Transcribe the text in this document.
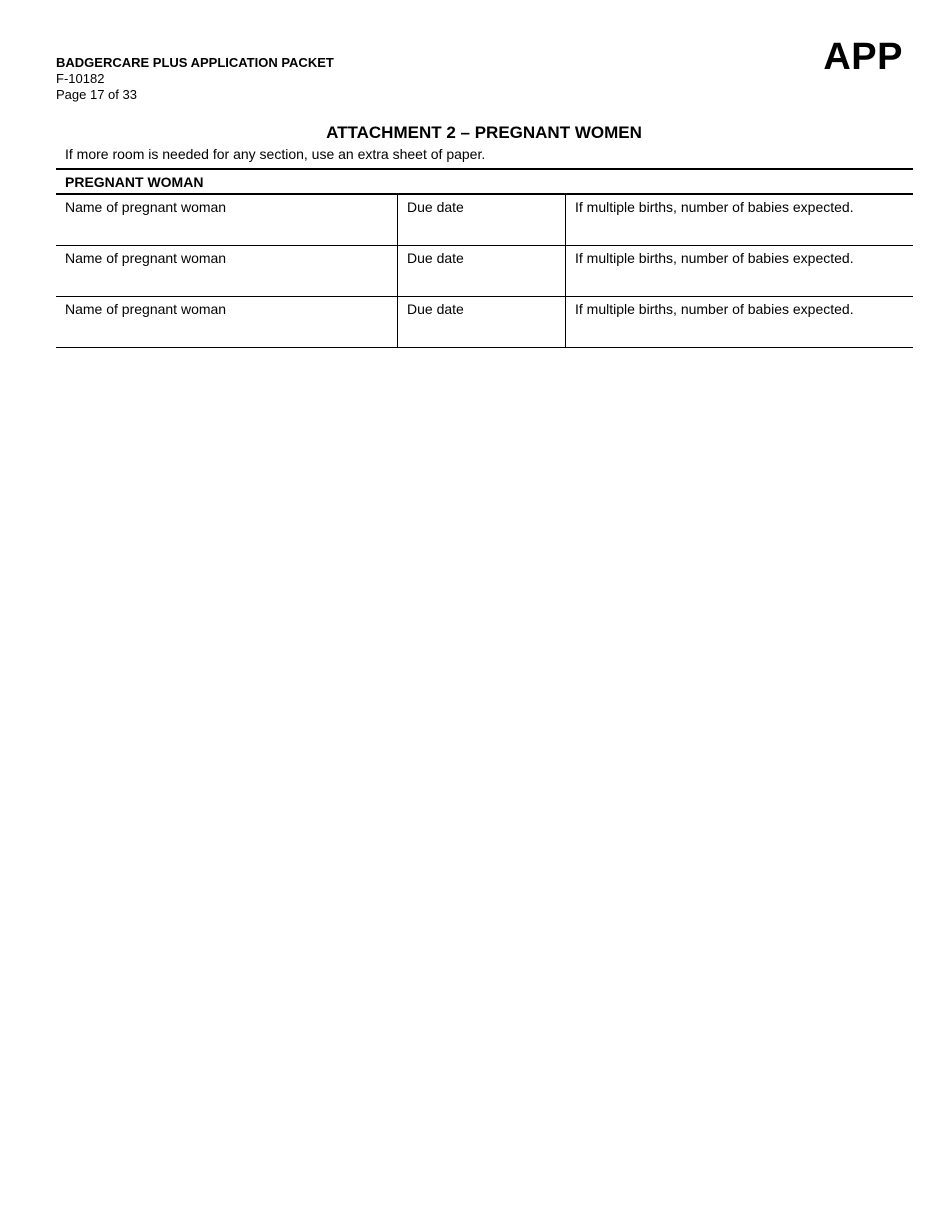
BADGERCARE PLUS APPLICATION PACKET
F-10182
Page 17 of 33
APP
ATTACHMENT 2 – PREGNANT WOMEN
If more room is needed for any section, use an extra sheet of paper.
PREGNANT WOMAN
Name of pregnant woman	Due date	If multiple births, number of babies expected.
Name of pregnant woman	Due date	If multiple births, number of babies expected.
Name of pregnant woman	Due date	If multiple births, number of babies expected.
